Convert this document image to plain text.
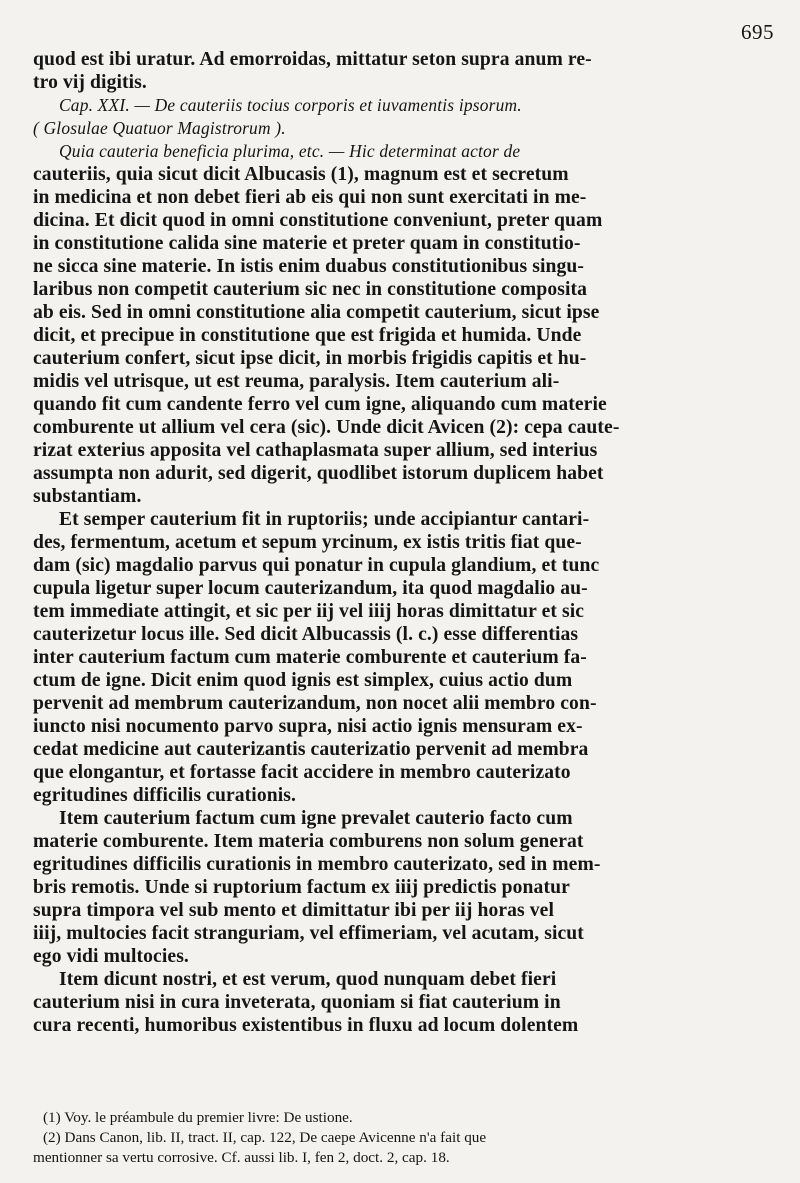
695
quod est ibi uratur. Ad emorroidas, mittatur seton supra anum re-
tro vij digitis.
Cap. XXI. — De cauteriis tocius corporis et iuvamentis ipsorum.
( Glosulae Quatuor Magistrorum ).
Quia cauteria beneficia plurima, etc. — Hic determinat actor de
cauteriis, quia sicut dicit Albucasis (1), magnum est et secretum
in medicina et non debet fieri ab eis qui non sunt exercitati in me-
dicina. Et dicit quod in omni constitutione conveniunt, preter quam
in constitutione calida sine materie et preter quam in constitutio-
ne sicca sine materie. In istis enim duabus constitutionibus singu-
laribus non competit cauterium sic nec in constitutione composita
ab eis. Sed in omni constitutione alia competit cauterium, sicut ipse
dicit, et precipue in constitutione que est frigida et humida. Unde
cauterium confert, sicut ipse dicit, in morbis frigidis capitis et hu-
midis vel utrisque, ut est reuma, paralysis. Item cauterium ali-
quando fit cum candente ferro vel cum igne, aliquando cum materie
comburente ut allium vel cera (sic). Unde dicit Avicen (2): cepa caute-
rizat exterius apposita vel cathaplasmata super allium, sed interius
assumpta non adurit, sed digerit, quodlibet istorum duplicem habet
substantiam.
Et semper cauterium fit in ruptoriis; unde accipiantur cantari-
des, fermentum, acetum et sepum yrcinum, ex istis tritis fiat que-
dam (sic) magdalio parvus qui ponatur in cupula glandium, et tunc
cupula ligetur super locum cauterizandum, ita quod magdalio au-
tem immediate attingit, et sic per iij vel iiij horas dimittatur et sic
cauterizetur locus ille. Sed dicit Albucassis (l. c.) esse differentias
inter cauterium factum cum materie comburente et cauterium fa-
ctum de igne. Dicit enim quod ignis est simplex, cuius actio dum
pervenit ad membrum cauterizandum, non nocet alii membro con-
iuncto nisi nocumento parvo supra, nisi actio ignis mensuram ex-
cedat medicine aut cauterizantis cauterizatio pervenit ad membra
que elongantur, et fortasse facit accidere in membro cauterizato
egritudines difficilis curationis.
Item cauterium factum cum igne prevalet cauterio facto cum
materie comburente. Item materia comburens non solum generat
egritudines difficilis curationis in membro cauterizato, sed in mem-
bris remotis. Unde si ruptorium factum ex iiij predictis ponatur
supra timpora vel sub mento et dimittatur ibi per iij horas vel
iiij, multocies facit stranguriam, vel effimeriam, vel acutam, sicut
ego vidi multocies.
Item dicunt nostri, et est verum, quod nunquam debet fieri
cauterium nisi in cura inveterata, quoniam si fiat cauterium in
cura recenti, humoribus existentibus in fluxu ad locum dolentem
(1) Voy. le préambule du premier livre: De ustione.
(2) Dans Canon, lib. II, tract. II, cap. 122, De caepe Avicenne n'a fait que
mentionner sa vertu corrosive. Cf. aussi lib. I, fen 2, doct. 2, cap. 18.
